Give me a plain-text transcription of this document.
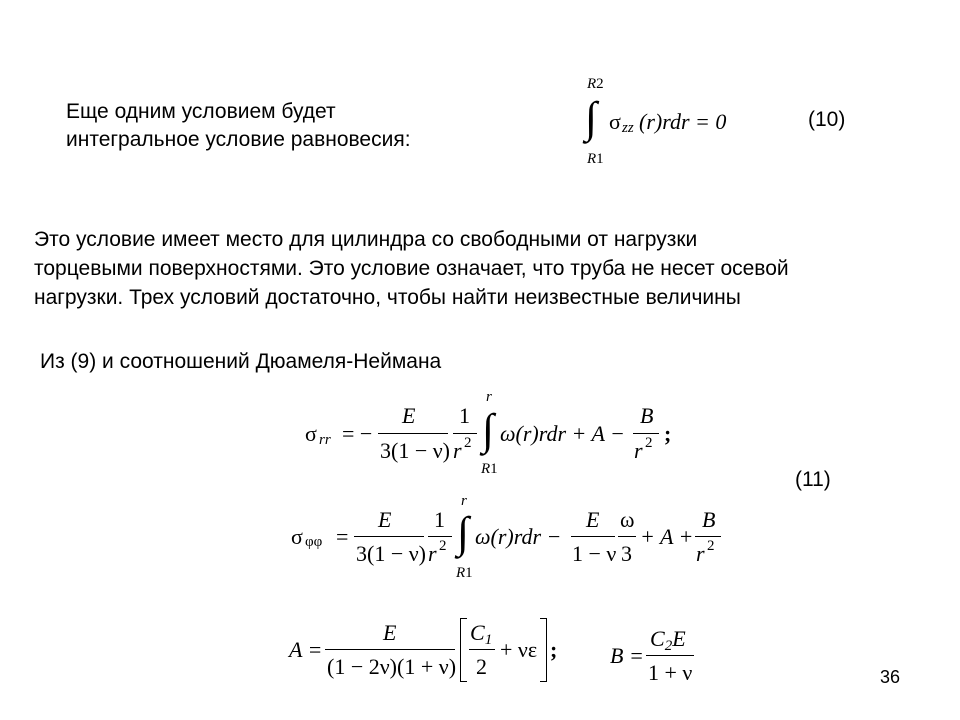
Еще одним условием будет
интегральное условие равновесия:
R2
∫
R1
σ zz (r)rdr = 0	(10)
Это условие имеет место для цилиндра со свободными от нагрузки
торцевыми поверхностями. Это условие означает, что труба не несет осевой
нагрузки. Трех условий достаточно, чтобы найти неизвестные величины
Из (9) и соотношений Дюамеля-Неймана
σ rr = −
E
3(1 − ν)
1
r 2
r
∫
R1
ω(r)rdr + A −
B
r 2 ;
(11)
σ φφ =
E
3(1 − ν)
1
r 2
r
∫
R1
ω(r)rdr −
E
1 − ν
ω
3
+ A +
B
r 2
A =
E
(1 − 2ν)(1 + ν)
C1
2
+ νε ; B =
C2E
1 + ν	36
